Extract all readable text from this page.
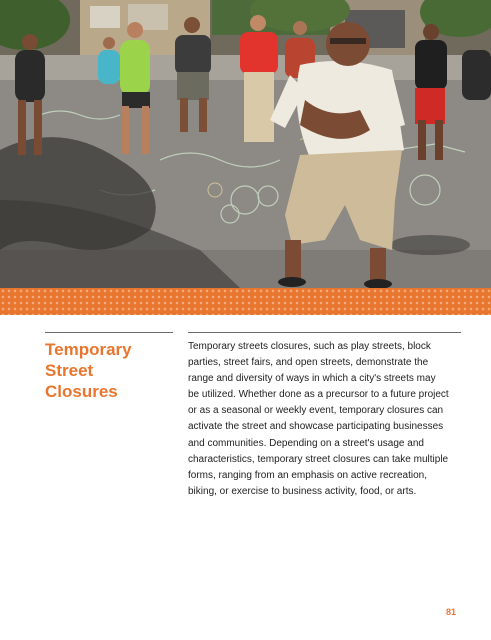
Temporary
Street
Closures
Temporary streets closures, such as play streets, block
parties, street fairs, and open streets, demonstrate the
range and diversity of ways in which a city's streets may
be utilized. Whether done as a precursor to a future project
or as a seasonal or weekly event, temporary closures can
activate the street and showcase participating businesses
and communities. Depending on a street's usage and
characteristics, temporary street closures can take multiple
forms, ranging from an emphasis on active recreation,
biking, or exercise to business activity, food, or arts.
81
